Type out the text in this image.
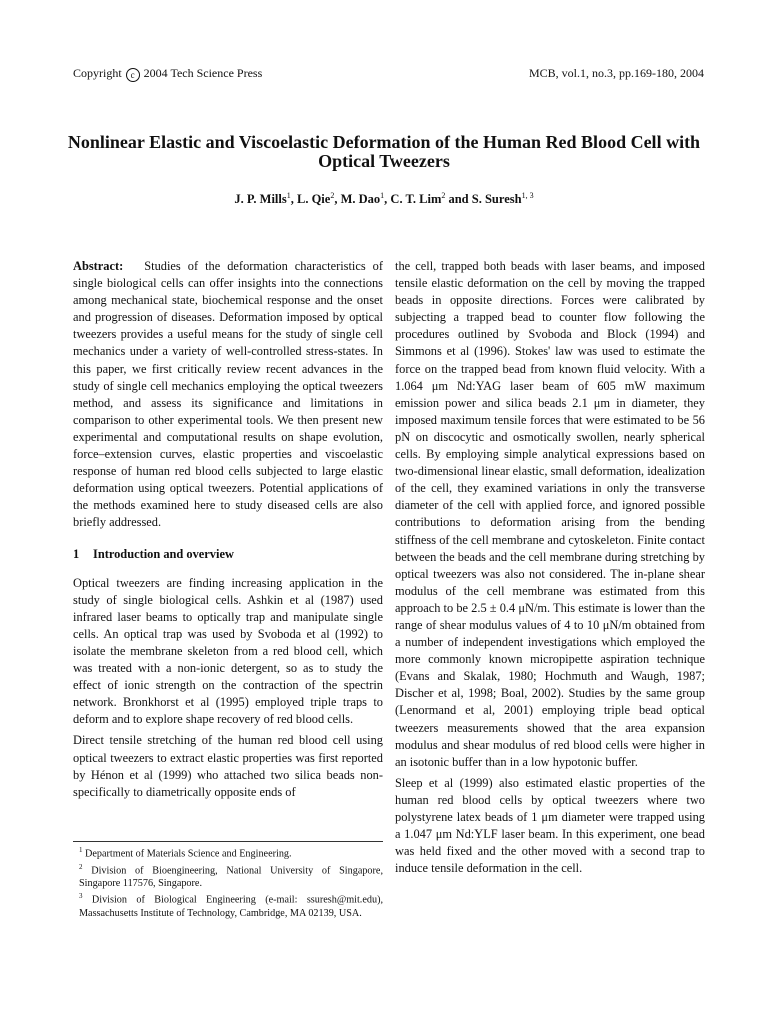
Copyright c 2004 Tech Science Press	MCB, vol.1, no.3, pp.169-180, 2004
Nonlinear Elastic and Viscoelastic Deformation of the Human Red Blood Cell with Optical Tweezers
J. P. Mills$^1$, L. Qie$^2$, M. Dao$^1$, C. T. Lim$^2$ and S. Suresh$^{1, 3}$

Abstract: Studies of the deformation characteristics of single biological cells can offer insights into the connections among mechanical state, biochemical response and the onset and progression of diseases. Deformation imposed by optical tweezers provides a useful means for the study of single cell mechanics under a variety of well-controlled stress-states. In this paper, we first critically review recent advances in the study of single cell mechanics employing the optical tweezers method, and assess its significance and limitations in comparison to other experimental tools. We then present new experimental and computational results on shape evolution, force–extension curves, elastic properties and viscoelastic response of human red blood cells subjected to large elastic deformation using optical tweezers. Potential applications of the methods examined here to study diseased cells are also briefly addressed.

1 Introduction and overview

Optical tweezers are finding increasing application in the study of single biological cells. Ashkin et al (1987) used infrared laser beams to optically trap and manipulate single cells. An optical trap was used by Svoboda et al (1992) to isolate the membrane skeleton from a red blood cell, which was treated with a non-ionic detergent, so as to study the effect of ionic strength on the contraction of the spectrin network. Bronkhorst et al (1995) employed triple traps to deform and to explore shape recovery of red blood cells.

Direct tensile stretching of the human red blood cell using optical tweezers to extract elastic properties was first reported by Hénon et al (1999) who attached two silica beads non-specifically to diametrically opposite ends of

$^1$ Department of Materials Science and Engineering.
$^2$ Division of Bioengineering, National University of Singapore, Singapore 117576, Singapore.
$^3$ Division of Biological Engineering (e-mail: ssuresh@mit.edu), Massachusetts Institute of Technology, Cambridge, MA 02139, USA.

the cell, trapped both beads with laser beams, and imposed tensile elastic deformation on the cell by moving the trapped beads in opposite directions. Forces were calibrated by subjecting a trapped bead to counter flow following the procedures outlined by Svoboda and Block (1994) and Simmons et al (1996). Stokes' law was used to estimate the force on the trapped bead from known fluid velocity. With a 1.064 μm Nd:YAG laser beam of 605 mW maximum emission power and silica beads 2.1 μm in diameter, they imposed maximum tensile forces that were estimated to be 56 pN on discocytic and osmotically swollen, nearly spherical cells. By employing simple analytical expressions based on two-dimensional linear elastic, small deformation, idealization of the cell, they examined variations in only the transverse diameter of the cell with applied force, and ignored possible contributions to deformation arising from the bending stiffness of the cell membrane and cytoskeleton. Finite contact between the beads and the cell membrane during stretching by optical tweezers was also not considered. The in-plane shear modulus of the cell membrane was estimated from this approach to be 2.5 ± 0.4 μN/m. This estimate is lower than the range of shear modulus values of 4 to 10 μN/m obtained from a number of independent investigations which employed the more commonly known micropipette aspiration technique (Evans and Skalak, 1980; Hochmuth and Waugh, 1987; Discher et al, 1998; Boal, 2002). Studies by the same group (Lenormand et al, 2001) employing triple bead optical tweezers measurements showed that the area expansion modulus and shear modulus of red blood cells were higher in an isotonic buffer than in a low hypotonic buffer.

Sleep et al (1999) also estimated elastic properties of the human red blood cells by optical tweezers where two polystyrene latex beads of 1 μm diameter were trapped using a 1.047 μm Nd:YLF laser beam. In this experiment, one bead was held fixed and the other moved with a second trap to induce tensile deformation in the cell.
